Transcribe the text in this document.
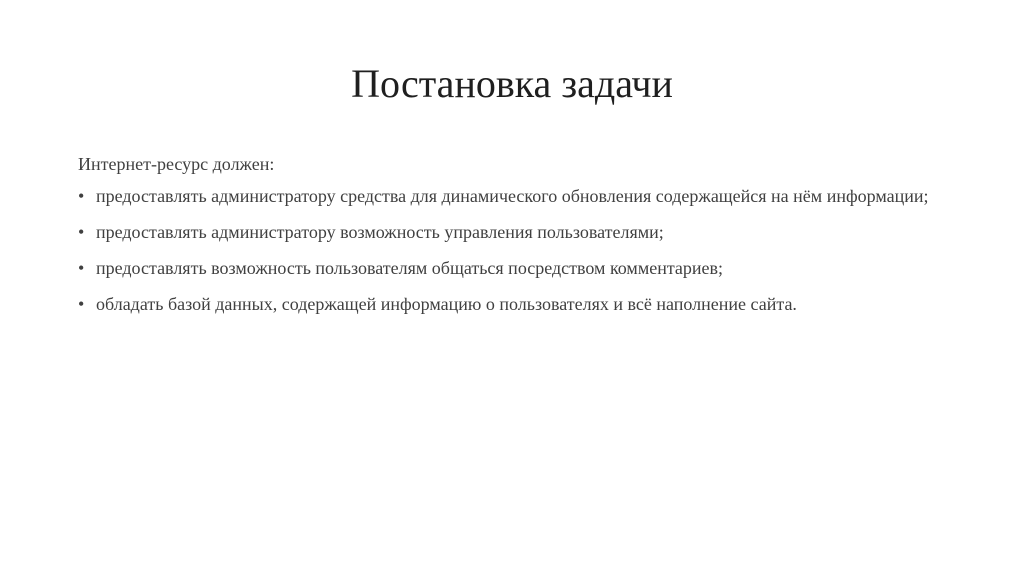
Постановка задачи

Интернет-ресурс должен:

• предоставлять администратору средства для динамического обновления содержащейся на нём информации;
• предоставлять администратору возможность управления пользователями;
• предоставлять возможность пользователям общаться посредством комментариев;
• обладать базой данных, содержащей информацию о пользователях и всё наполнение сайта.
